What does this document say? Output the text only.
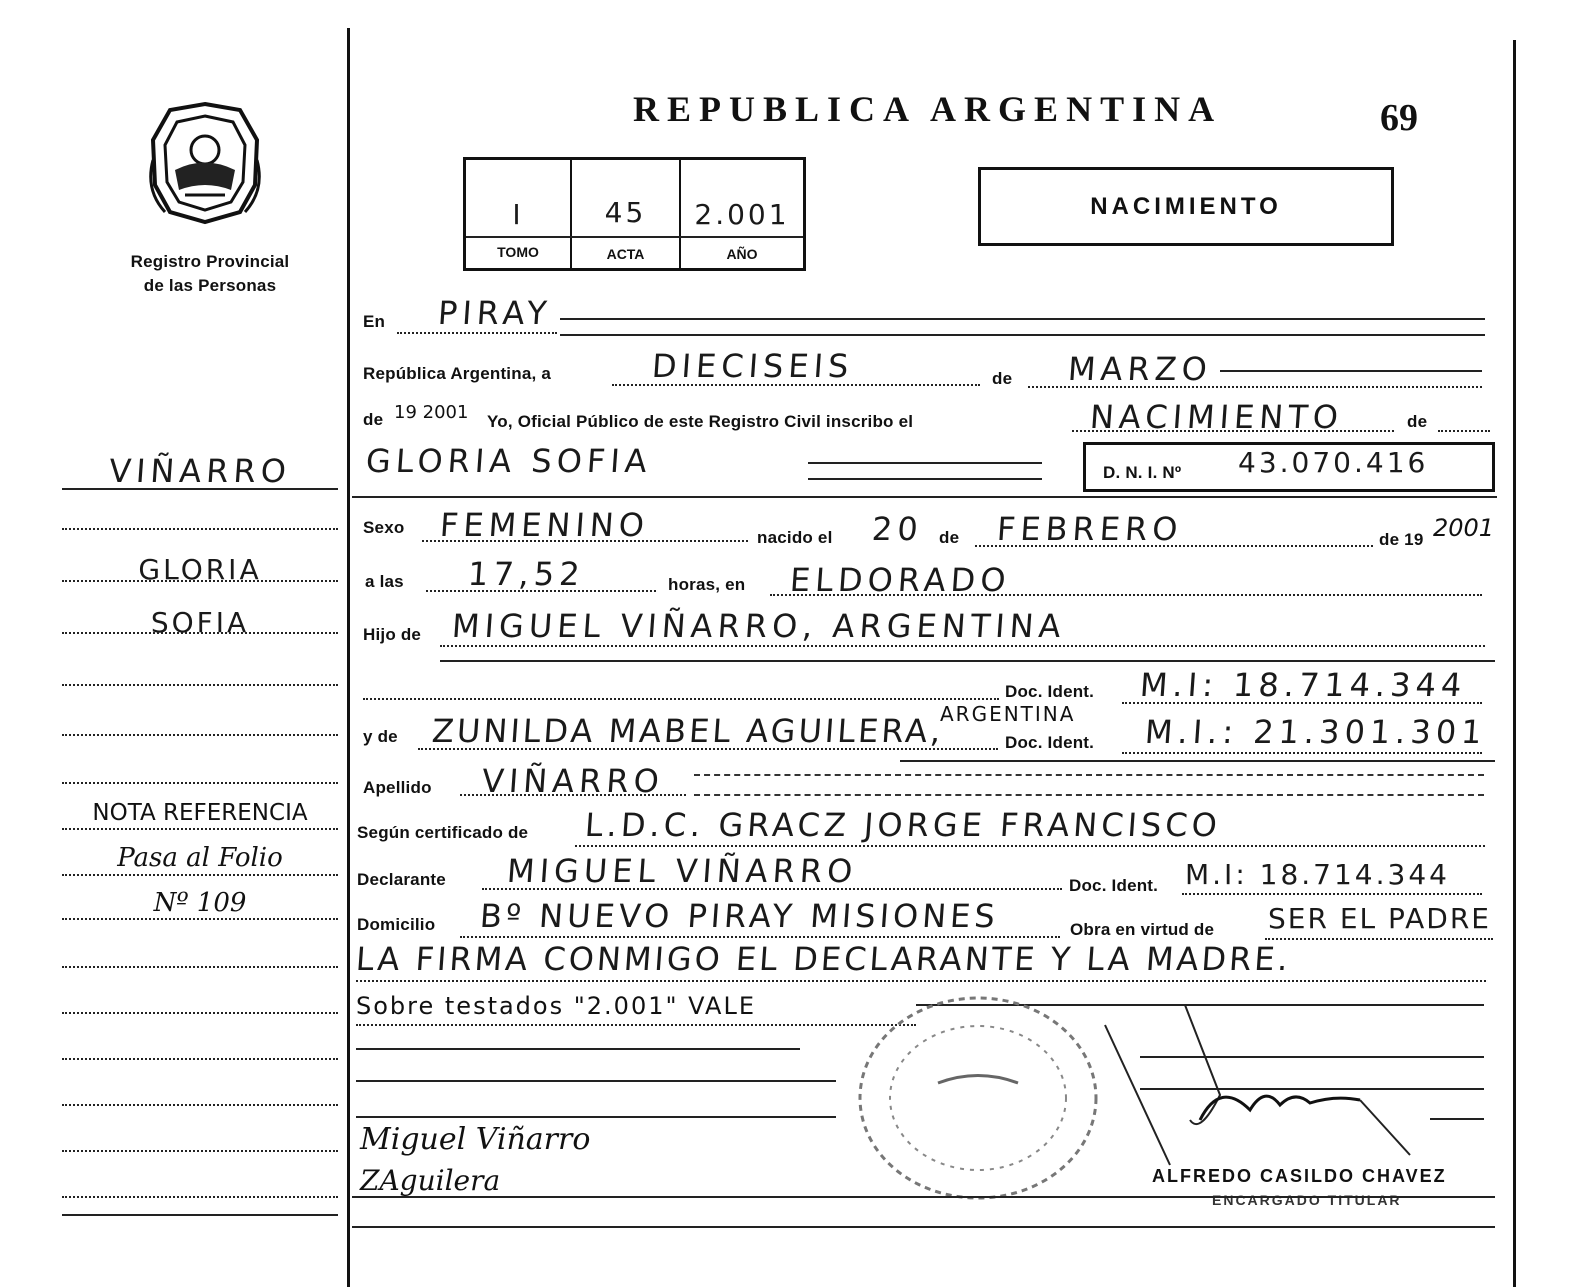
Registro Provincial
de las Personas
REPUBLICA ARGENTINA	69
I	45	2.001
TOMO	ACTA	AÑO
NACIMIENTO
VIÑARRO
GLORIA
SOFIA
NOTA REFERENCIA
Pasa al Folio
Nº 109
En PIRAY
República Argentina, a	DIECISEIS	de MARZO
de 19 2001 Yo, Oficial Público de este Registro Civil inscribo el	NACIMIENTO	de
GLORIA SOFIA	D. N. I. Nº 43.070.416
Sexo FEMENINO	nacido el 20 de FEBRERO	de 19 2001
a las 17,52	horas, en ELDORADO
Hijo de MIGUEL VIÑARRO, ARGENTINA
Doc. Ident. M.I: 18.714.344
y de ZUNILDA MABEL AGUILERA,
ARGENTINA
Doc. Ident. M.I.: 21.301.301
Apellido VIÑARRO
Según certificado de L.D.C. GRACZ JORGE FRANCISCO
Declarante MIGUEL VIÑARRO	Doc. Ident. M.I: 18.714.344
Domicilio Bº NUEVO PIRAY MISIONES	Obra en virtud de SER EL PADRE
LA FIRMA CONMIGO EL DECLARANTE Y LA MADRE.
Sobre testados "2.001" VALE
ALFREDO CASILDO CHAVEZ
ENCARGADO TITULAR
Miguel Viñarro
ZAguilera
